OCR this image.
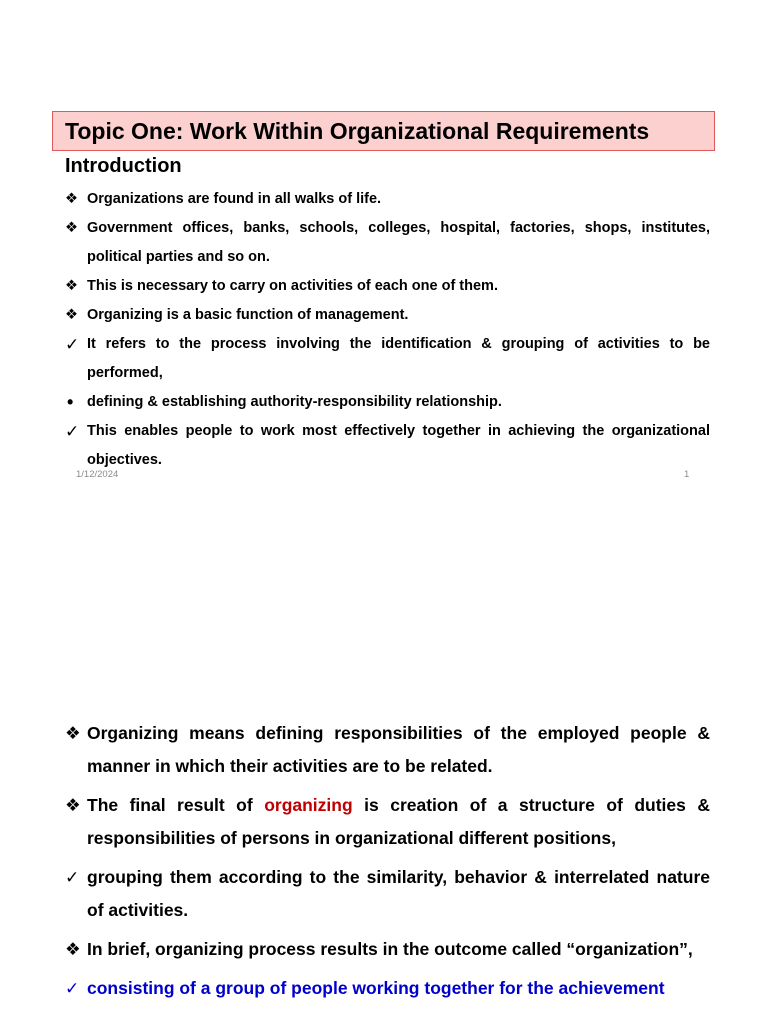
Topic One: Work Within Organizational Requirements
Introduction
❖ Organizations are found in all walks of life.
❖ Government offices, banks, schools, colleges, hospital, factories, shops, institutes, political parties and so on.
❖ This is necessary to carry on activities of each one of them.
❖ Organizing is a basic function of management.
✓ It refers to the process involving the identification & grouping of activities to be performed,
• defining & establishing authority-responsibility relationship.
✓ This enables people to work most effectively together in achieving the organizational objectives.
1/12/2024	1
❖ Organizing means defining responsibilities of the employed people & manner in which their activities are to be related.
❖ The final result of organizing is creation of a structure of duties & responsibilities of persons in organizational different positions,
✓ grouping them according to the similarity, behavior & interrelated nature of activities.
❖ In brief, organizing process results in the outcome called “organization”,
✓ consisting of a group of people working together for the achievement
